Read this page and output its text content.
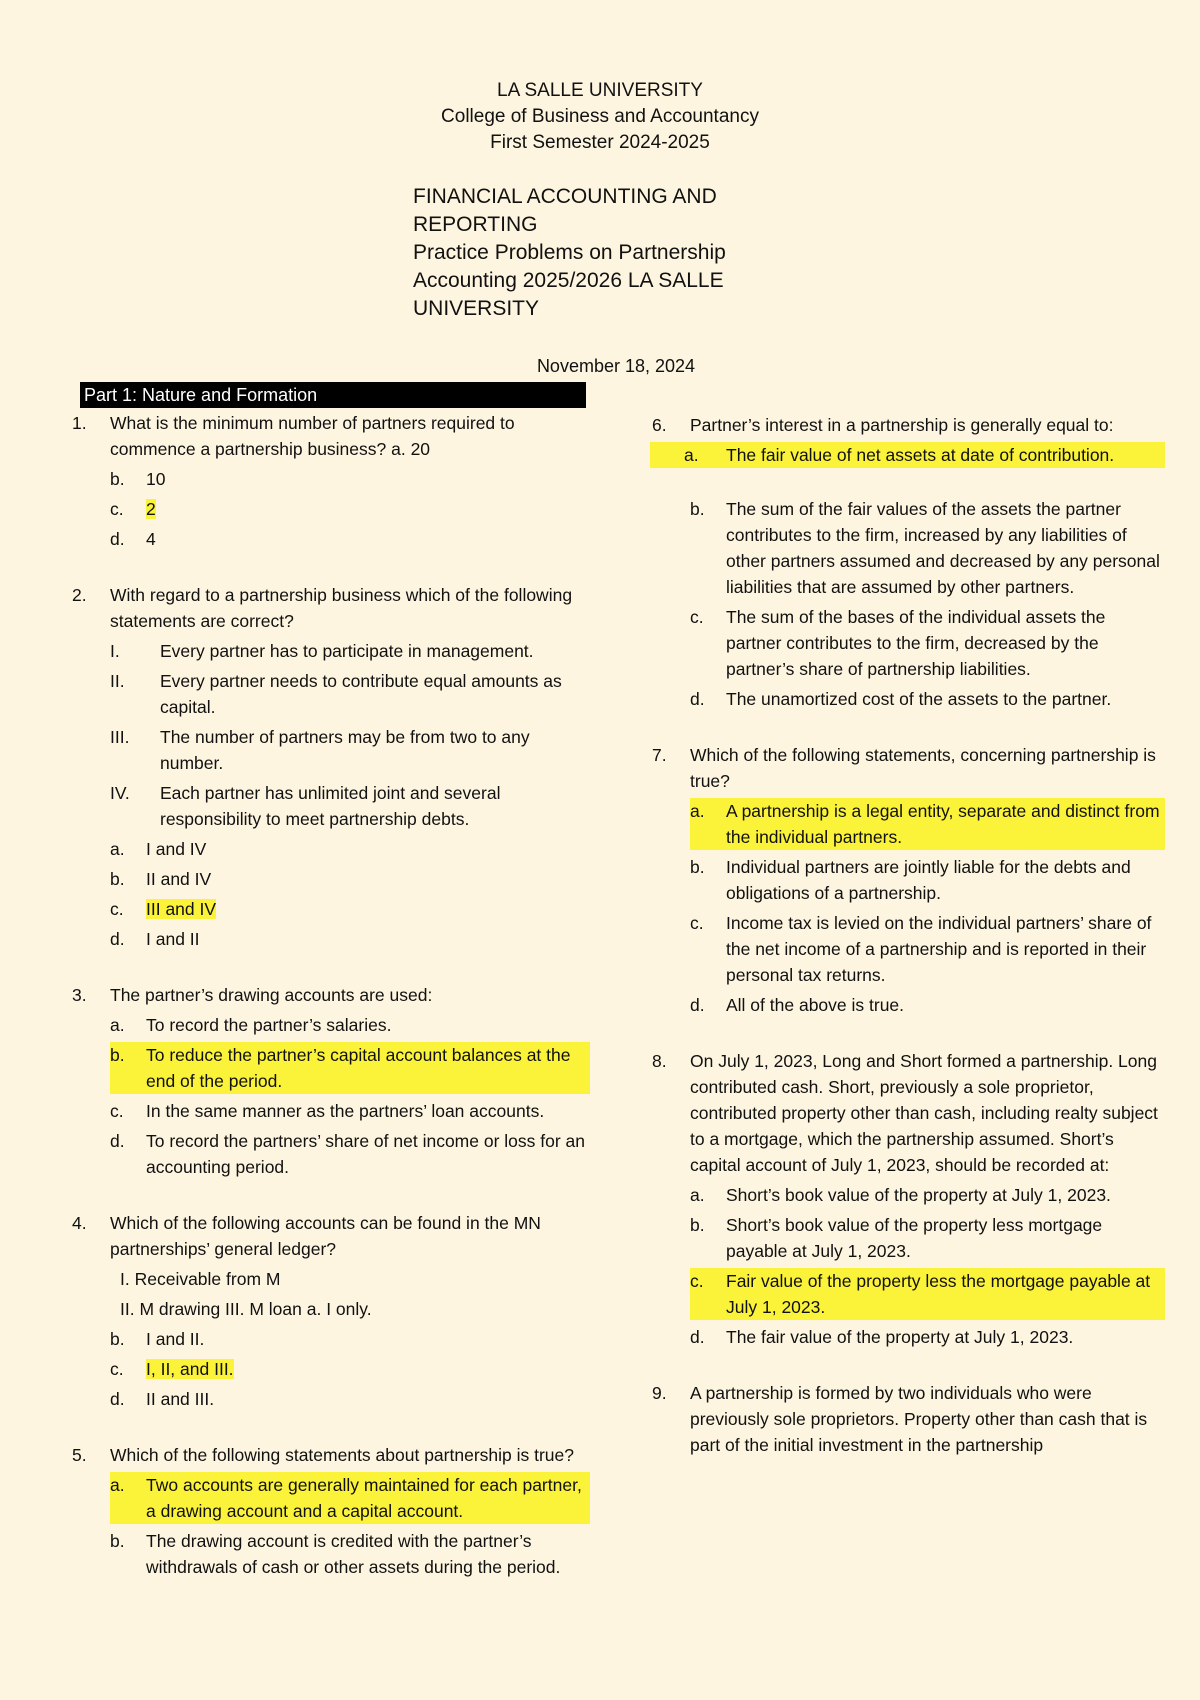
LA SALLE UNIVERSITY
College of Business and Accountancy
First Semester 2024-2025
FINANCIAL ACCOUNTING AND
REPORTING
Practice Problems on Partnership
Accounting 2025/2026 LA SALLE
UNIVERSITY
November 18, 2024
Part 1: Nature and Formation
1. What is the minimum number of partners required to commence a partnership business? a. 20
b. 10
c. 2
d. 4
2. With regard to a partnership business which of the following statements are correct?
I. Every partner has to participate in management.
II. Every partner needs to contribute equal amounts as capital.
III. The number of partners may be from two to any number.
IV. Each partner has unlimited joint and several responsibility to meet partnership debts.
a. I and IV
b. II and IV
c. III and IV
d. I and II
3. The partner’s drawing accounts are used:
a. To record the partner’s salaries.
b. To reduce the partner’s capital account balances at the end of the period.
c. In the same manner as the partners’ loan accounts.
d. To record the partners’ share of net income or loss for an accounting period.
4. Which of the following accounts can be found in the MN partnerships’ general ledger?
I. Receivable from M
II. M drawing III. M loan a. I only.
b. I and II.
c. I, II, and III.
d. II and III.
5. Which of the following statements about partnership is true?
a. Two accounts are generally maintained for each partner, a drawing account and a capital account.
b. The drawing account is credited with the partner’s withdrawals of cash or other assets during the period.
6. Partner’s interest in a partnership is generally equal to:
a. The fair value of net assets at date of contribution.
b. The sum of the fair values of the assets the partner contributes to the firm, increased by any liabilities of other partners assumed and decreased by any personal liabilities that are assumed by other partners.
c. The sum of the bases of the individual assets the partner contributes to the firm, decreased by the partner’s share of partnership liabilities.
d. The unamortized cost of the assets to the partner.
7. Which of the following statements, concerning partnership is true?
a. A partnership is a legal entity, separate and distinct from the individual partners.
b. Individual partners are jointly liable for the debts and obligations of a partnership.
c. Income tax is levied on the individual partners’ share of the net income of a partnership and is reported in their personal tax returns.
d. All of the above is true.
8. On July 1, 2023, Long and Short formed a partnership. Long contributed cash. Short, previously a sole proprietor, contributed property other than cash, including realty subject to a mortgage, which the partnership assumed. Short’s capital account of July 1, 2023, should be recorded at:
a. Short’s book value of the property at July 1, 2023.
b. Short’s book value of the property less mortgage payable at July 1, 2023.
c. Fair value of the property less the mortgage payable at July 1, 2023.
d. The fair value of the property at July 1, 2023.
9. A partnership is formed by two individuals who were previously sole proprietors. Property other than cash that is part of the initial investment in the partnership
